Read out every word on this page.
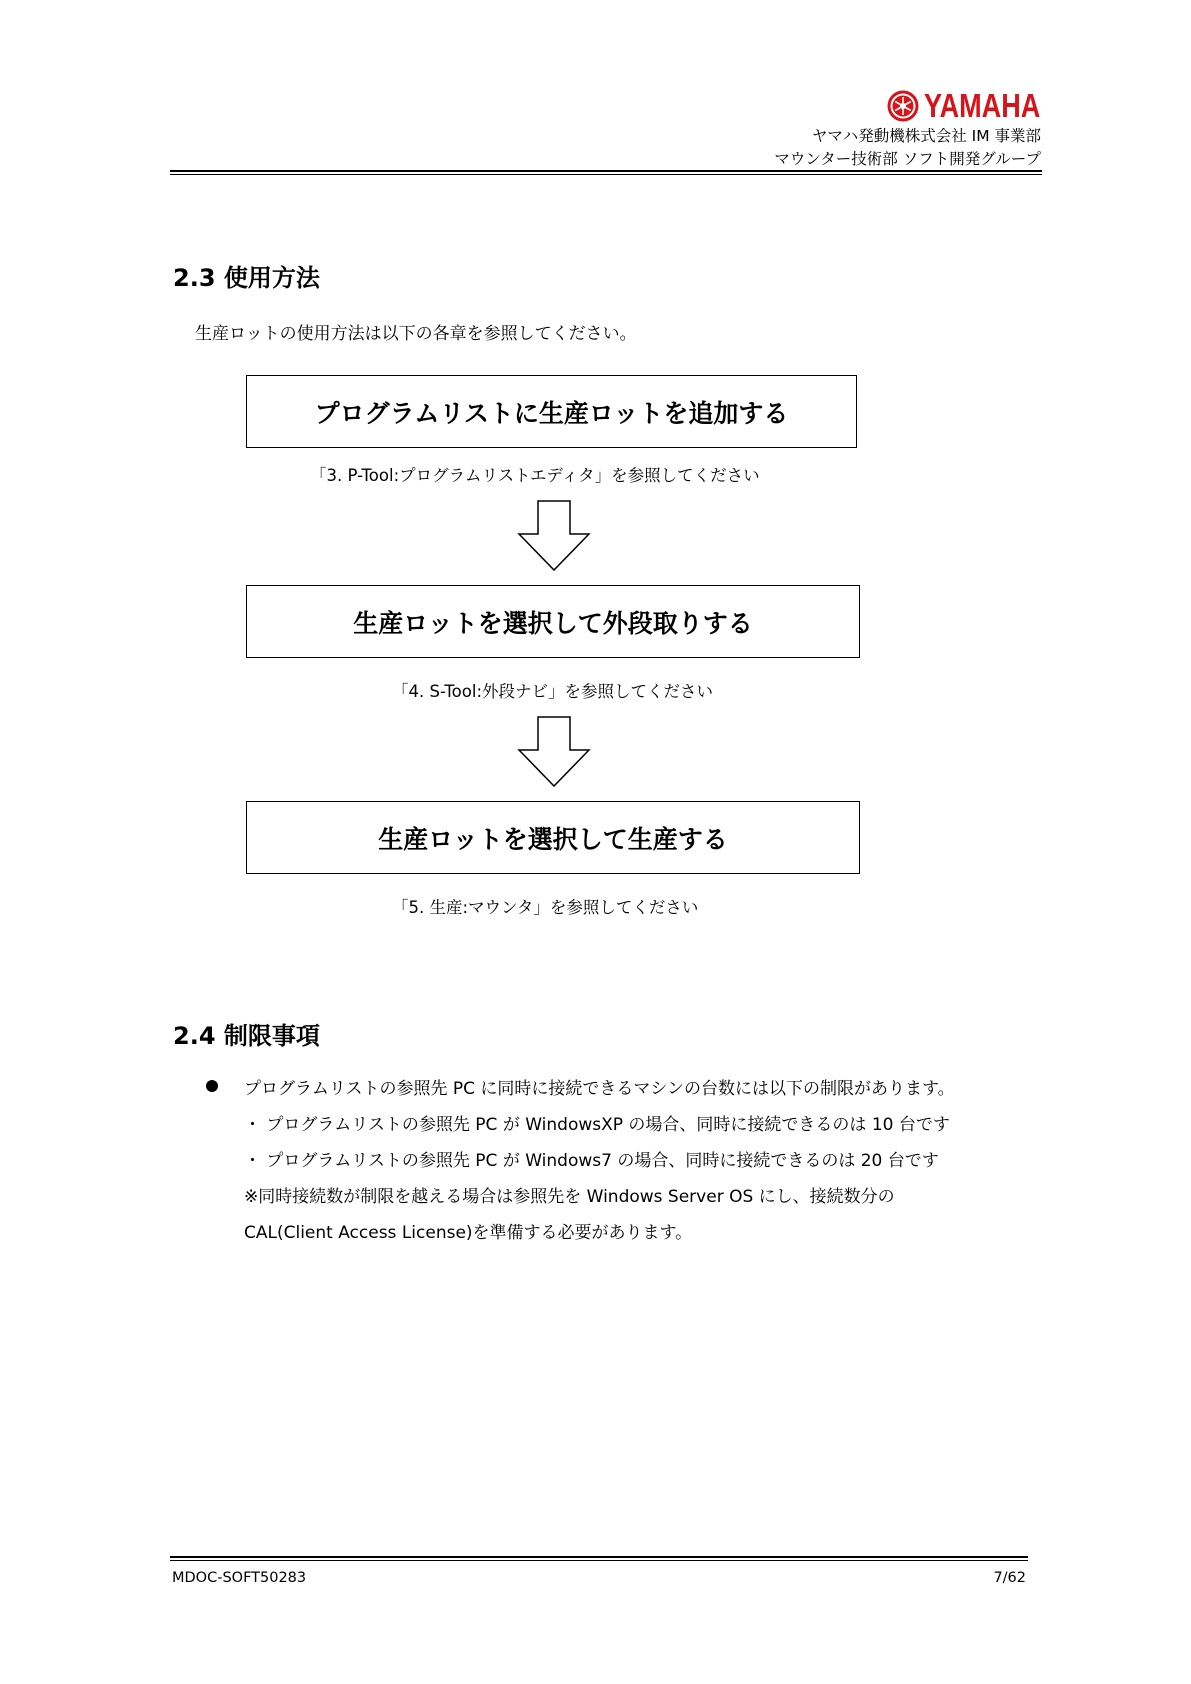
YAMAHA
ヤマハ発動機株式会社 IM 事業部
マウンター技術部 ソフト開発グループ
2.3 使用方法
生産ロットの使用方法は以下の各章を参照してください。
プログラムリストに生産ロットを追加する
「3. P-Tool:プログラムリストエディタ」を参照してください
生産ロットを選択して外段取りする
「4. S-Tool:外段ナビ」を参照してください
生産ロットを選択して生産する
「5. 生産:マウンタ」を参照してください
2.4 制限事項
プログラムリストの参照先 PC に同時に接続できるマシンの台数には以下の制限があります。
・ プログラムリストの参照先 PC が WindowsXP の場合、同時に接続できるのは 10 台です
・ プログラムリストの参照先 PC が Windows7 の場合、同時に接続できるのは 20 台です
※同時接続数が制限を越える場合は参照先を Windows Server OS にし、接続数分の
CAL(Client Access License)を準備する必要があります。
MDOC-SOFT50283	7/62
